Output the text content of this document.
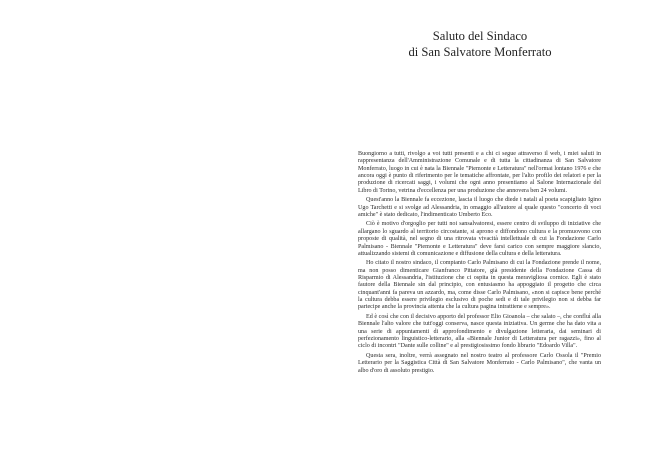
Saluto del Sindaco
di San Salvatore Monferrato

Buongiorno a tutti, rivolgo a voi tutti presenti e a chi ci segue attraverso il web, i miei saluti in rappresentanza dell'Amministrazione Comunale e di tutta la cittadinanza di San Salvatore Monferrato, luogo in cui è nata la Biennale "Piemonte e Letteratura" nell'ormai lontano 1976 e che ancora oggi è punto di riferimento per le tematiche affrontate, per l'alto profilo dei relatori e per la produzione di ricercati saggi, i volumi che ogni anno presentiamo al Salone Internazionale del Libro di Torino, vetrina d'eccellenza per una produzione che annovera ben 24 volumi.

Quest'anno la Biennale fa eccezione, lascia il luogo che diede i natali al poeta scapigliato Igino Ugo Tarchetti e si svolge ad Alessandria, in omaggio all'autore al quale questo "concerto di voci amiche" è stato dedicato, l'indimenticato Umberto Eco.

Ciò è motivo d'orgoglio per tutti noi sansalvatoresi, essere centro di sviluppo di iniziative che allargano lo sguardo al territorio circostante, si aprono e diffondono cultura e la promuovono con proposte di qualità, nel segno di una ritrovata vivacità intellettuale di cui la Fondazione Carlo Palmisano - Biennale "Piemonte e Letteratura" deve farsi carico con sempre maggiore slancio, attualizzando sistemi di comunicazione e diffusione della cultura e della letteratura.

Ho citato il nostro sindaco, il compianto Carlo Palmisano di cui la Fondazione prende il nome, ma non posso dimenticare Gianfranco Pittatore, già presidente della Fondazione Cassa di Risparmio di Alessandria, l'istituzione che ci ospita in questa meravigliosa cornice. Egli è stato fautore della Biennale sin dal principio, con entusiasmo ha appoggiato il progetto che circa cinquant'anni fa pareva un azzardo, ma, come disse Carlo Palmisano, «non si capisce bene perché la cultura debba essere privilegio esclusivo di poche sedi e di tale privilegio non si debba far partecipe anche la provincia attenta che la cultura pagina intrattiene e sempre».

Ed è così che con il decisivo apporto del professor Elio Gioanola – che salato –, che confluì alla Biennale l'alto valore che tutt'oggi conserva, nasce questa iniziativa. Un germe che ha dato vita a una serie di appuntamenti di approfondimento e divulgazione letteraria, dai seminari di perfezionamento linguistico-letterario, alla «Biennale Junior di Letteratura per ragazzi», fino al ciclo di incontri "Dante sulle colline" e al prestigiosissimo fondo librario "Edoardo Villa".

Questa sera, inoltre, verrà assegnato nel nostro teatro al professore Carlo Ossola il "Premio Letterario per la Saggistica Città di San Salvatore Monferrato - Carlo Palmisano", che vanta un albo d'oro di assoluto prestigio.
